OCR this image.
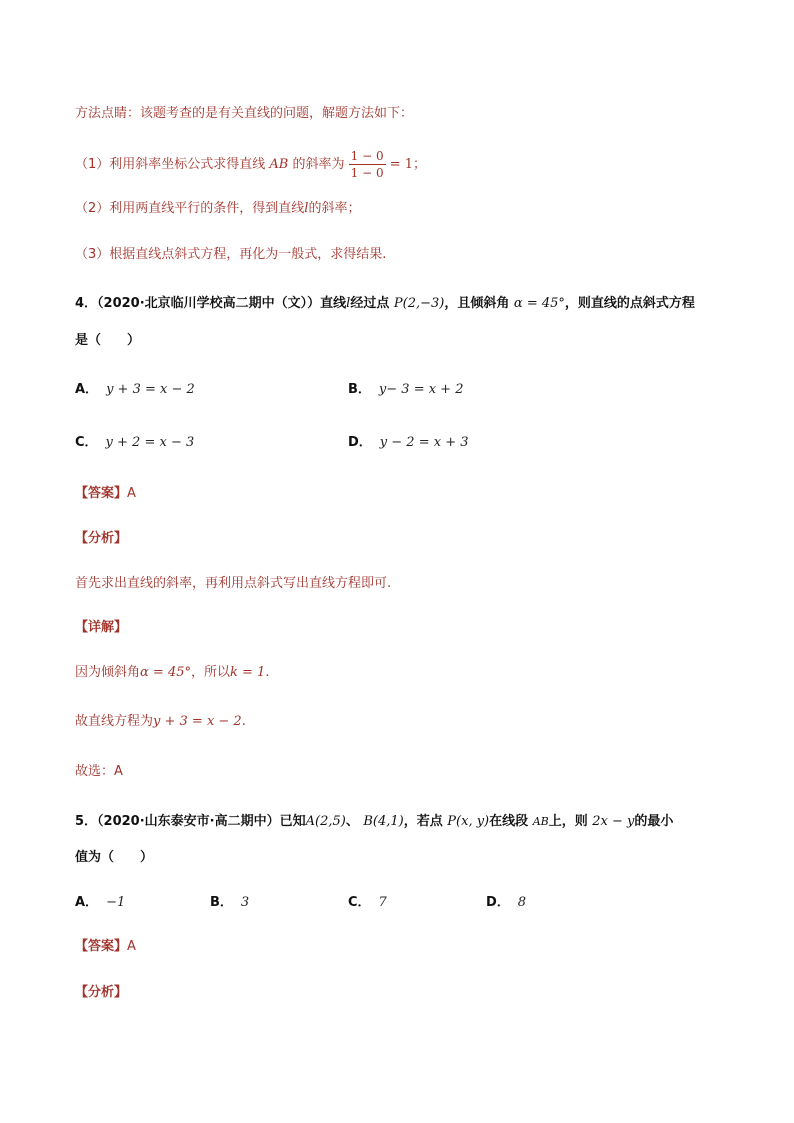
方法点睛：该题考查的是有关直线的问题，解题方法如下：
（1）利用斜率坐标公式求得直线 AB 的斜率为 $\frac{1 - 0}{1 - 0} = 1$；
（2）利用两直线平行的条件，得到直线l的斜率；
（3）根据直线点斜式方程，再化为一般式，求得结果.
4．（2020·北京临川学校高二期中（文））直线l经过点 P(2,−3)，且倾斜角 α = 45°，则直线的点斜式方程
是（　　）
A． y + 3 = x − 2	B． y− 3 = x + 2
C． y + 2 = x − 3	D． y − 2 = x + 3
【答案】A
【分析】
首先求出直线的斜率，再利用点斜式写出直线方程即可.
【详解】
因为倾斜角α = 45°，所以k = 1.
故直线方程为y + 3 = x − 2.
故选：A
5．（2020·山东泰安市·高二期中）已知A(2,5)、 B(4,1)，若点 P(x, y)在线段 AB上，则 2x − y的最小
值为（　　）
A． −1	B． 3	C． 7	D． 8
【答案】A
【分析】
